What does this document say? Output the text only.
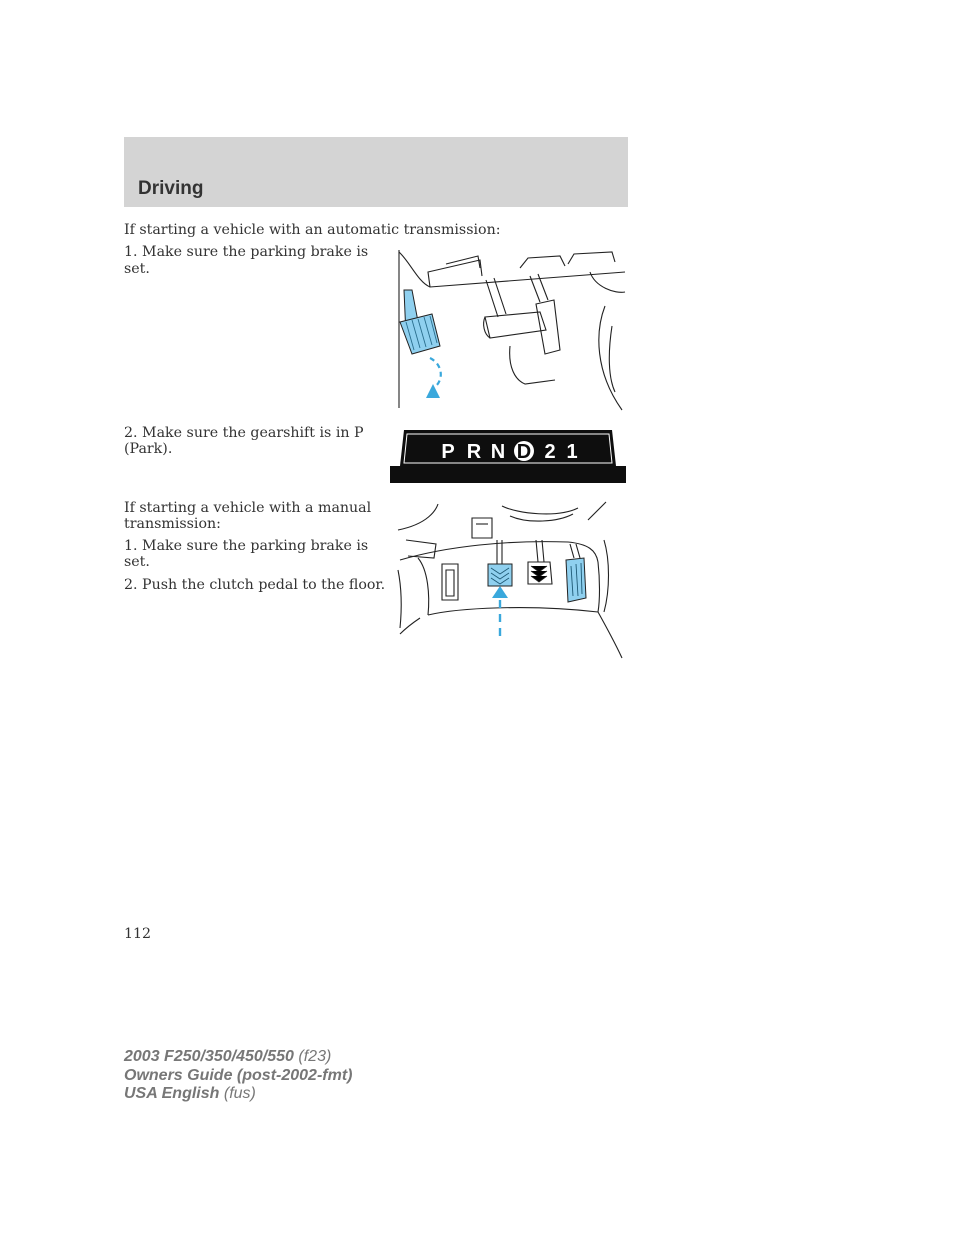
Driving
If starting a vehicle with an automatic transmission:
1. Make sure the parking brake is
set.
2. Make sure the gearshift is in P
(Park).
If starting a vehicle with a manual
transmission:
1. Make sure the parking brake is
set.
2. Push the clutch pedal to the floor.
P R N D 2 1
112
2003 F250/350/450/550 (f23)
Owners Guide (post-2002-fmt)
USA English (fus)
